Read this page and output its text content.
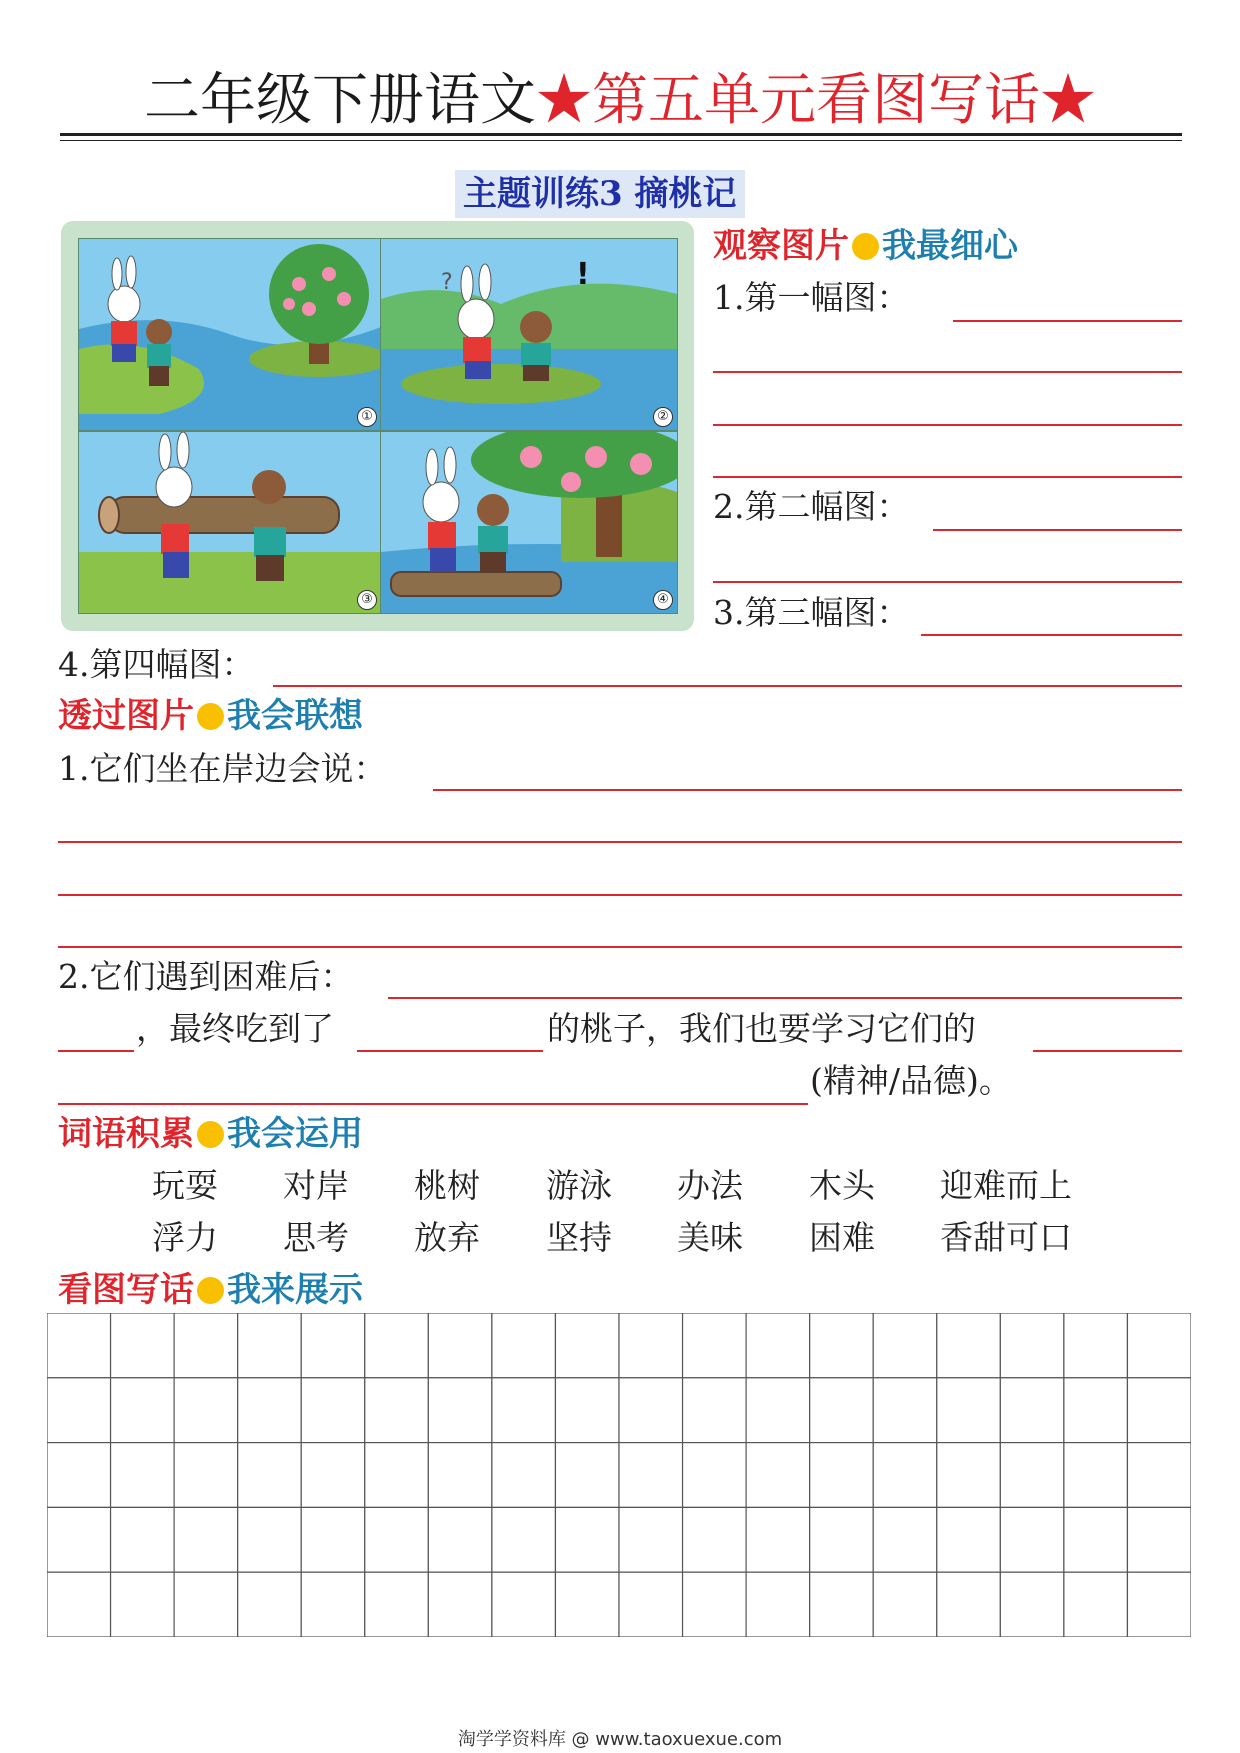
二年级下册语文★第五单元看图写话★
主题训练3 摘桃记
①
?	!
②
③	④
观察图片 我最细心
1.第一幅图：
2.第二幅图：
3.第三幅图：
4.第四幅图：
透过图片 我会联想
1.它们坐在岸边会说：
2.它们遇到困难后：
，最终吃到了	的桃子，我们也要学习它们的
(精神/品德)。
词语积累 我会运用
玩耍 对岸 桃树 游泳 办法 木头 迎难而上
浮力 思考 放弃 坚持 美味 困难 香甜可口
看图写话 我来展示
淘学学资料库 @ www.taoxuexue.com
